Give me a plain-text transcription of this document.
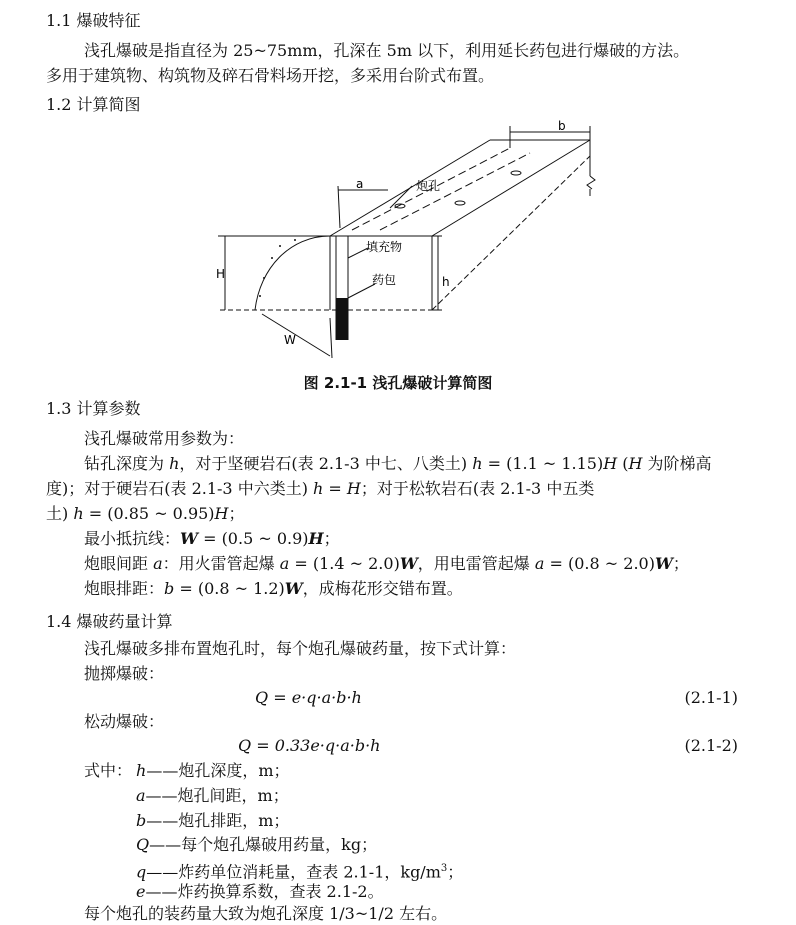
1.1 爆破特征
浅孔爆破是指直径为 25~75mm，孔深在 5m 以下，利用延长药包进行爆破的方法。
多用于建筑物、构筑物及碎石骨料场开挖，多采用台阶式布置。
1.2 计算简图
a
b
H
h
W
炮孔
填充物
药包
图 2.1-1 浅孔爆破计算简图
1.3 计算参数
浅孔爆破常用参数为：
钻孔深度为 h，对于坚硬岩石(表 2.1-3 中七、八类土) h = (1.1 ~ 1.15)H (H 为阶梯高
度)；对于硬岩石(表 2.1-3 中六类土) h = H；对于松软岩石(表 2.1-3 中五类
土) h = (0.85 ~ 0.95)H；
最小抵抗线：W = (0.5 ~ 0.9)H；
炮眼间距 a：用火雷管起爆 a = (1.4 ~ 2.0)W，用电雷管起爆 a = (0.8 ~ 2.0)W；
炮眼排距：b = (0.8 ~ 1.2)W，成梅花形交错布置。
1.4 爆破药量计算
浅孔爆破多排布置炮孔时，每个炮孔爆破药量，按下式计算：
抛掷爆破：
Q = e·q·a·b·h	(2.1-1)
松动爆破：
Q = 0.33e·q·a·b·h	(2.1-2)
式中： h——炮孔深度，m；
a——炮孔间距，m；
b——炮孔排距，m；
Q——每个炮孔爆破用药量，kg；
q——炸药单位消耗量，查表 2.1-1，$kg/m^3$；
e——炸药换算系数，查表 2.1-2。
每个炮孔的装药量大致为炮孔深度 1/3~1/2 左右。
